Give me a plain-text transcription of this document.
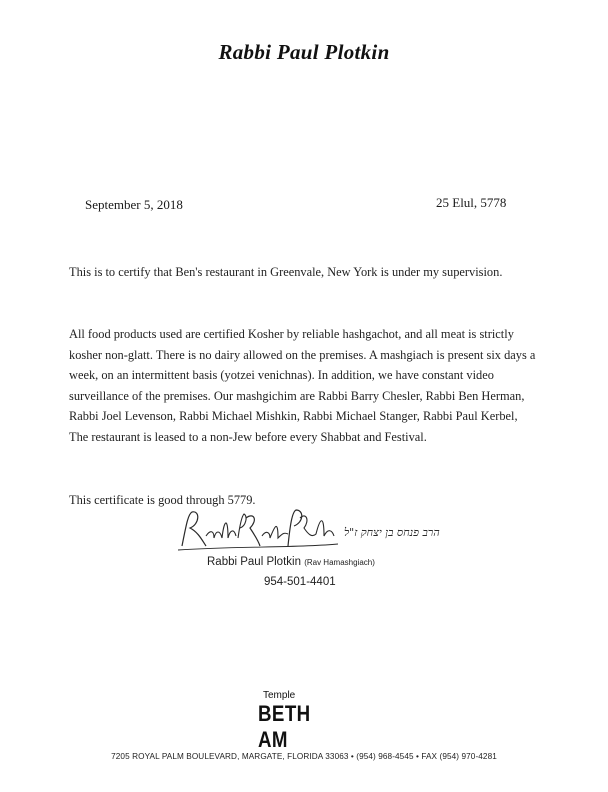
Rabbi Paul Plotkin
September 5, 2018	25 Elul, 5778
This is to certify that Ben's restaurant in Greenvale, New York is under my supervision.
All food products used are certified Kosher by reliable hashgachot, and all meat is strictly kosher non-glatt. There is no dairy allowed on the premises. A mashgiach is present six days a week, on an intermittent basis (yotzei venichnas). In addition, we have constant video surveillance of the premises. Our mashgichim are Rabbi Barry Chesler, Rabbi Ben Herman, Rabbi Joel Levenson, Rabbi Michael Mishkin, Rabbi Michael Stanger, Rabbi Paul Kerbel, The restaurant is leased to a non-Jew before every Shabbat and Festival.
This certificate is good through 5779.
הרב פנחס בן יצחק ז"ל
Rabbi Paul Plotkin (Rav Hamashgiach)
954-501-4401
Temple
BETH AM
7205 ROYAL PALM BOULEVARD, MARGATE, FLORIDA 33063 • (954) 968-4545 • FAX (954) 970-4281
